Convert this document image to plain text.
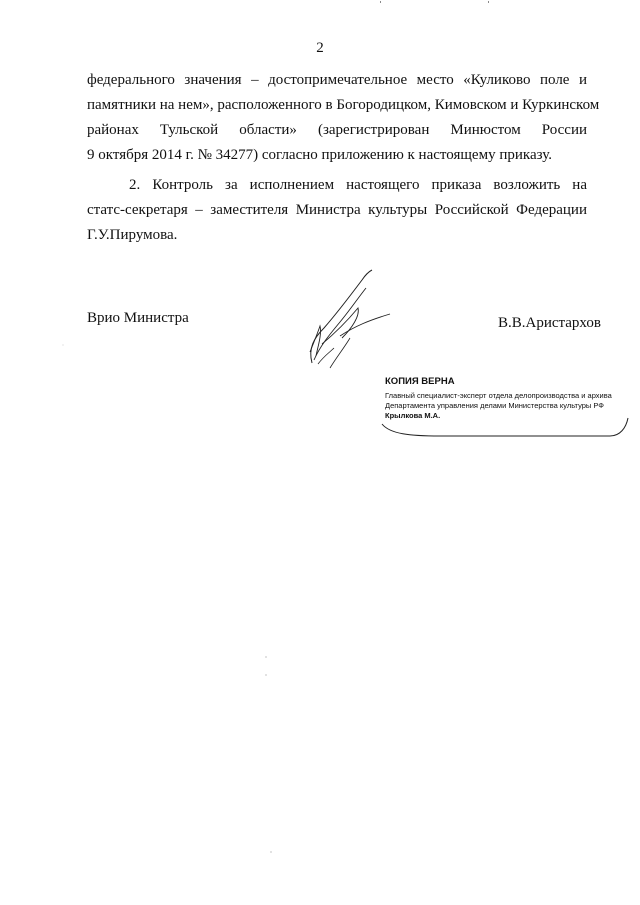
2
федерального значения – достопримечательное место «Куликово поле и
памятники на нем», расположенного в Богородицком, Кимовском и Куркинском
районах Тульской области» (зарегистрирован Минюстом России
9 октября 2014 г. № 34277) согласно приложению к настоящему приказу.
2. Контроль за исполнением настоящего приказа возложить на
статс-секретаря – заместителя Министра культуры Российской Федерации
Г.У.Пирумова.
Врио Министра	В.В.Аристархов
КОПИЯ ВЕРНА
Главный специалист-эксперт отдела делопроизводства и архива
Департамента управления делами Министерства культуры РФ
Крылкова М.А.
